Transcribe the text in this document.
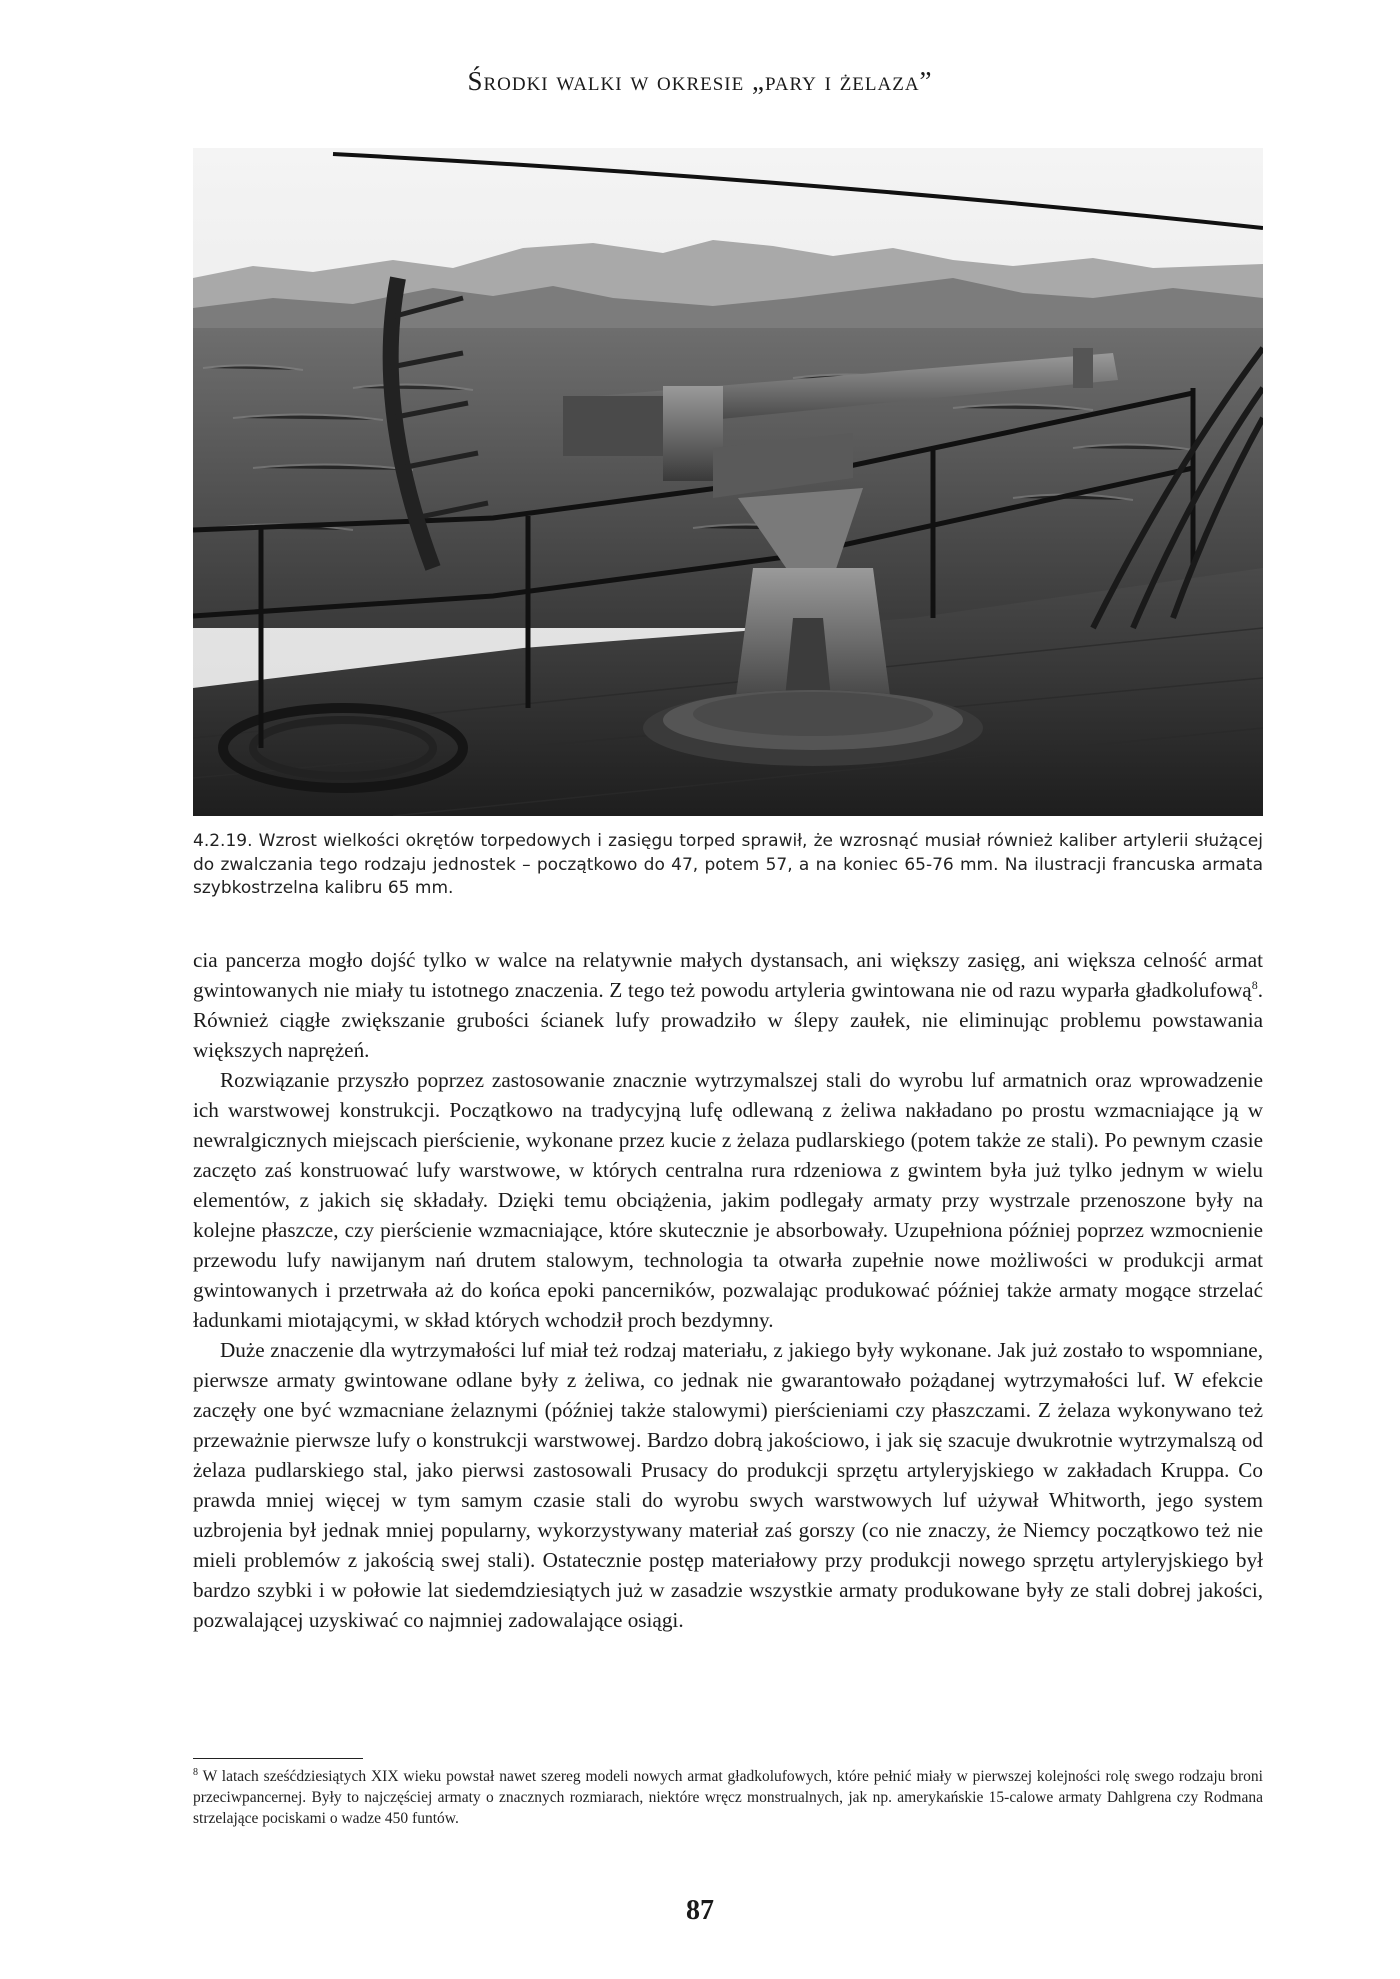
Środki walki w okresie „pary i żelaza”

4.2.19. Wzrost wielkości okrętów torpedowych i zasięgu torped sprawił, że wzrosnąć musiał również kaliber artylerii służącej do zwalczania tego rodzaju jednostek – początkowo do 47, potem 57, a na koniec 65-76 mm. Na ilustracji francuska armata szybkostrzelna kalibru 65 mm.

cia pancerza mogło dojść tylko w walce na relatywnie małych dystansach, ani większy zasięg, ani większa celność armat gwintowanych nie miały tu istotnego znaczenia. Z tego też powodu artyleria gwintowana nie od razu wyparła gładkolufową$^8$. Również ciągłe zwiększanie grubości ścianek lufy prowadziło w ślepy zaułek, nie eliminując problemu powstawania większych naprężeń.

Rozwiązanie przyszło poprzez zastosowanie znacznie wytrzymalszej stali do wyrobu luf armatnich oraz wprowadzenie ich warstwowej konstrukcji. Początkowo na tradycyjną lufę odlewaną z żeliwa nakładano po prostu wzmacniające ją w newralgicznych miejscach pierścienie, wykonane przez kucie z żelaza pudlarskiego (potem także ze stali). Po pewnym czasie zaczęto zaś konstruować lufy warstwowe, w których centralna rura rdzeniowa z gwintem była już tylko jednym w wielu elementów, z jakich się składały. Dzięki temu obciążenia, jakim podlegały armaty przy wystrzale przenoszone były na kolejne płaszcze, czy pierścienie wzmacniające, które skutecznie je absorbowały. Uzupełniona później poprzez wzmocnienie przewodu lufy nawijanym nań drutem stalowym, technologia ta otwarła zupełnie nowe możliwości w produkcji armat gwintowanych i przetrwała aż do końca epoki pancerników, pozwalając produkować później także armaty mogące strzelać ładunkami miotającymi, w skład których wchodził proch bezdymny.

Duże znaczenie dla wytrzymałości luf miał też rodzaj materiału, z jakiego były wykonane. Jak już zostało to wspomniane, pierwsze armaty gwintowane odlane były z żeliwa, co jednak nie gwarantowało pożądanej wytrzymałości luf. W efekcie zaczęły one być wzmacniane żelaznymi (później także stalowymi) pierścieniami czy płaszczami. Z żelaza wykonywano też przeważnie pierwsze lufy o konstrukcji warstwowej. Bardzo dobrą jakościowo, i jak się szacuje dwukrotnie wytrzymalszą od żelaza pudlarskiego stal, jako pierwsi zastosowali Prusacy do produkcji sprzętu artyleryjskiego w zakładach Kruppa. Co prawda mniej więcej w tym samym czasie stali do wyrobu swych warstwowych luf używał Whitworth, jego system uzbrojenia był jednak mniej popularny, wykorzystywany materiał zaś gorszy (co nie znaczy, że Niemcy początkowo też nie mieli problemów z jakością swej stali). Ostatecznie postęp materiałowy przy produkcji nowego sprzętu artyleryjskiego był bardzo szybki i w połowie lat siedemdziesiątych już w zasadzie wszystkie armaty produkowane były ze stali dobrej jakości, pozwalającej uzyskiwać co najmniej zadowalające osiągi.

$^8$ W latach sześćdziesiątych XIX wieku powstał nawet szereg modeli nowych armat gładkolufowych, które pełnić miały w pierwszej kolejności rolę swego rodzaju broni przeciwpancernej. Były to najczęściej armaty o znacznych rozmiarach, niektóre wręcz monstrualnych, jak np. amerykańskie 15-calowe armaty Dahlgrena czy Rodmana strzelające pociskami o wadze 450 funtów.

87
